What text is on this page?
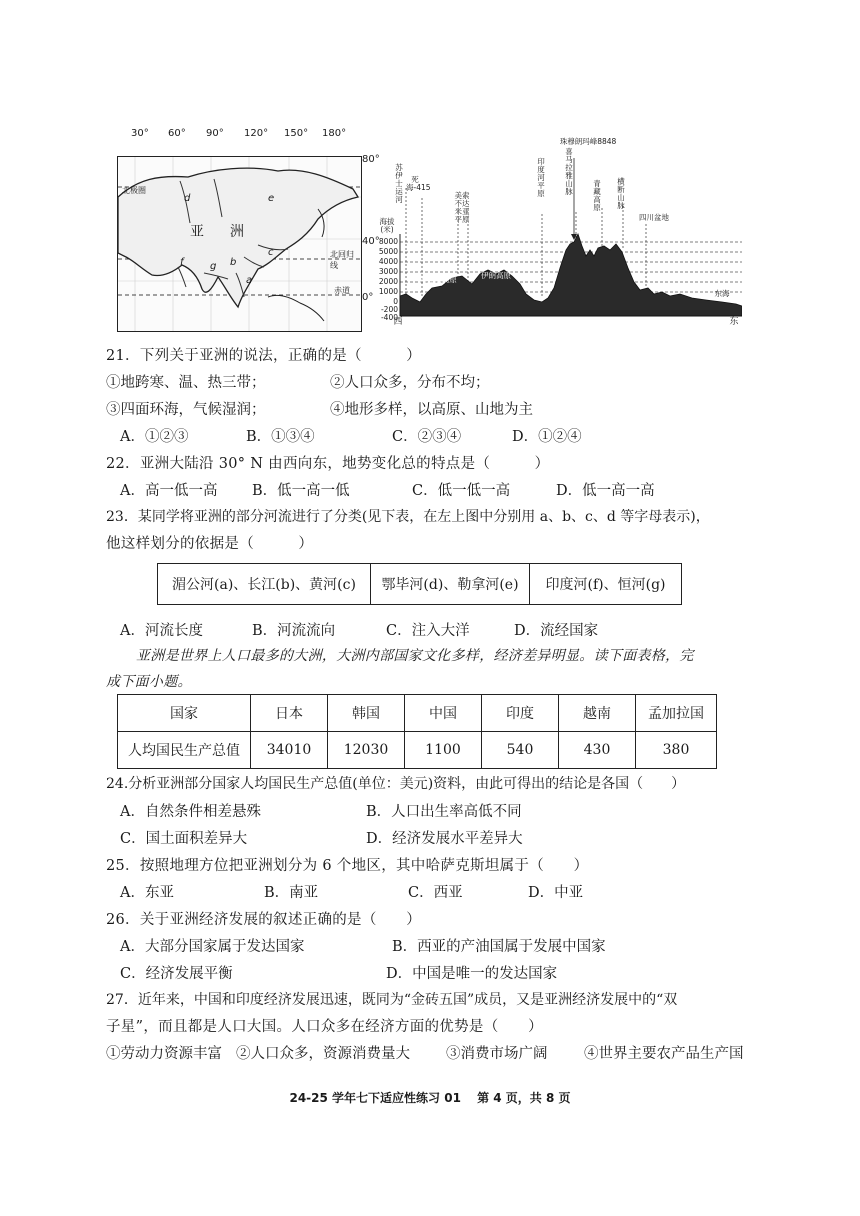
30° 60° 90° 120° 150° 180°
80°
40°
0°
北极圈
北回归线
赤道
亚 洲
d	e
c
b
a
f	g
珠穆朗玛峰8848
苏伊士运河
死海-415
美索不达米亚平原
印度河平原
喜马拉雅山脉
青藏高原
横断山脉
四川盆地
海拔(米)
8000
5000
4000
3000
2000
1000
0
-200
-400
阿拉伯高原	伊朗高原
长江中下游平原
东海
西	东
21．下列关于亚洲的说法，正确的是（　　　）
①地跨寒、温、热三带；	②人口众多，分布不均；
③四面环海，气候湿润；	④地形多样，以高原、山地为主
A．①②③	B．①③④	C．②③④	D．①②④
22．亚洲大陆沿 30° N 由西向东，地势变化总的特点是（　　　）
A．高一低一高 B．低一高一低	C．低一低一高	D．低一高一高
23．某同学将亚洲的部分河流进行了分类(见下表，在左上图中分别用 a、b、c、d 等字母表示)，
他这样划分的依据是（　　　）
湄公河(a)、长江(b)、黄河(c)	鄂毕河(d)、勒拿河(e)	印度河(f)、恒河(g)
A．河流长度	B．河流流向	C．注入大洋	D．流经国家
亚洲是世界上人口最多的大洲，大洲内部国家文化多样，经济差异明显。读下面表格，完
成下面小题。
国家	日本	韩国	中国	印度	越南	孟加拉国
人均国民生产总值	34010	12030	1100	540	430	380
24.分析亚洲部分国家人均国民生产总值(单位：美元)资料，由此可得出的结论是各国（　　）
A．自然条件相差悬殊	B．人口出生率高低不同
C．国土面积差异大	D．经济发展水平差异大
25．按照地理方位把亚洲划分为 6 个地区，其中哈萨克斯坦属于（　　）
A．东亚	B．南亚	C．西亚	D．中亚
26．关于亚洲经济发展的叙述正确的是（　　）
A．大部分国家属于发达国家	B．西亚的产油国属于发展中国家
C．经济发展平衡	D．中国是唯一的发达国家
27．近年来，中国和印度经济发展迅速，既同为“金砖五国”成员，又是亚洲经济发展中的“双
子星”，而且都是人口大国。人口众多在经济方面的优势是（　　）
①劳动力资源丰富 ②人口众多，资源消费量大 ③消费市场广阔	④世界主要农产品生产国
24-25 学年七下适应性练习 01　 第 4 页，共 8 页
